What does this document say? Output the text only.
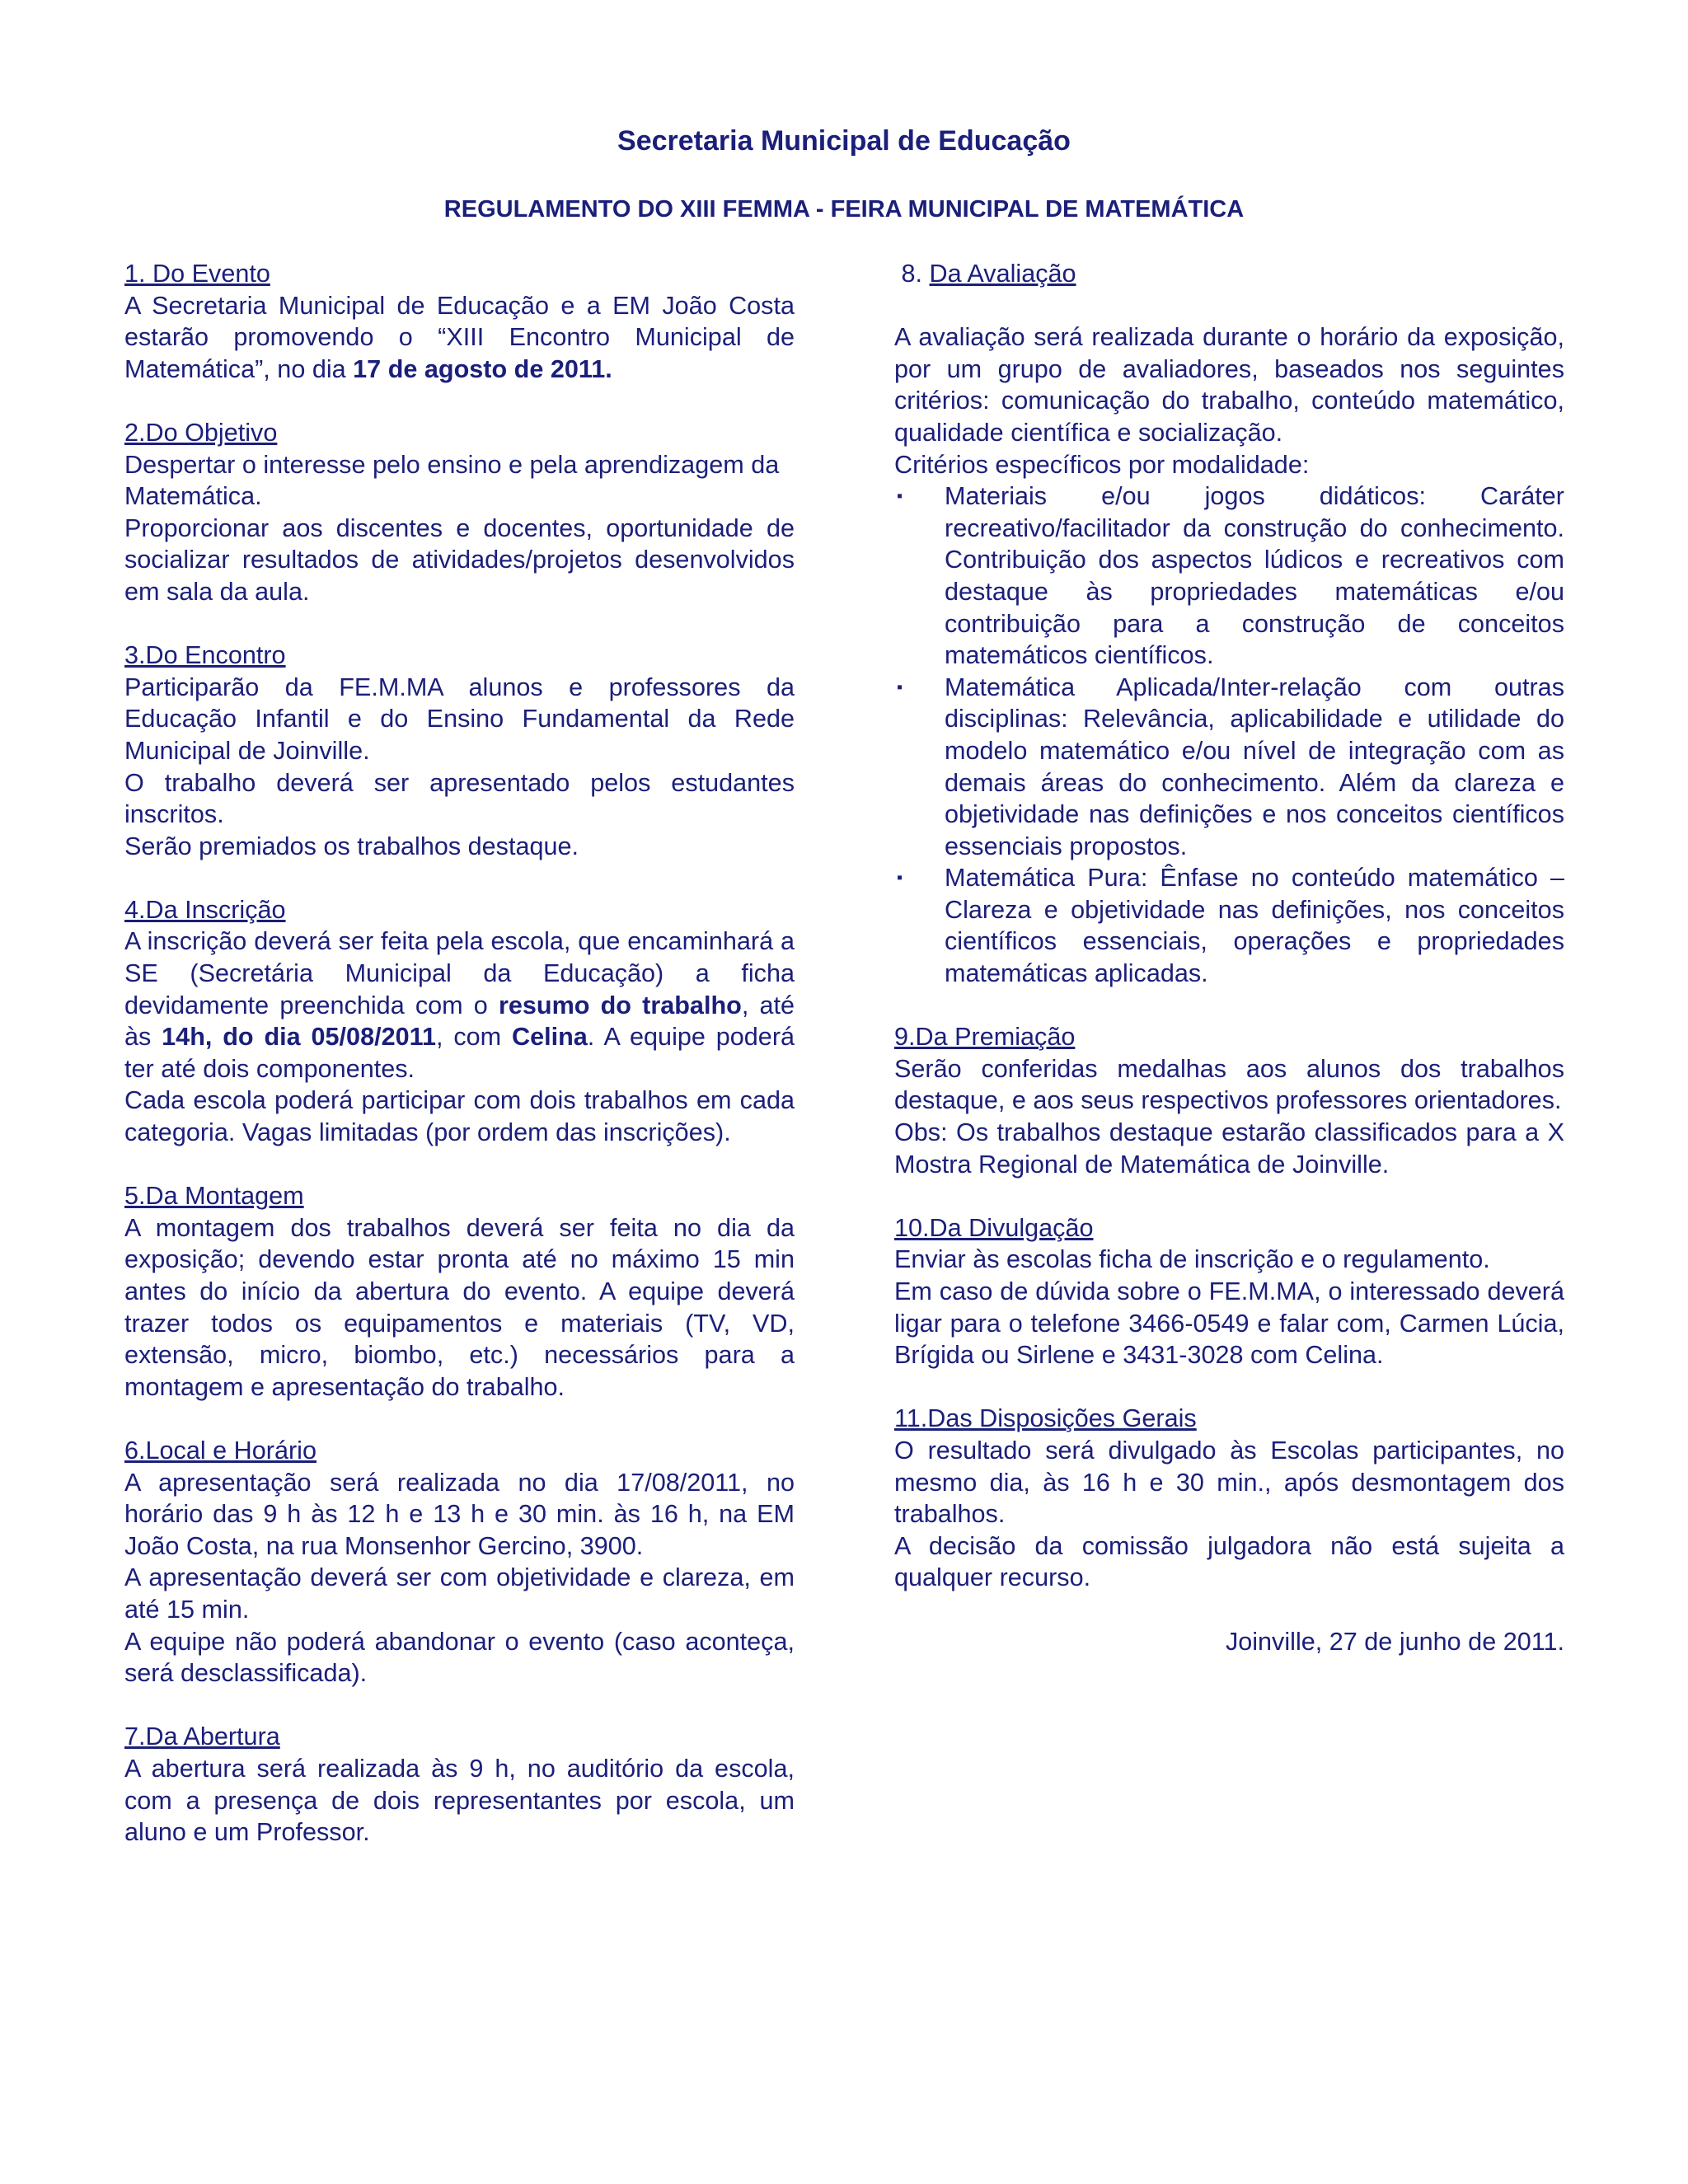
Secretaria Municipal de Educação
REGULAMENTO DO XIII FEMMA - FEIRA MUNICIPAL DE MATEMÁTICA
1. Do Evento

A Secretaria Municipal de Educação e a EM João Costa estarão promovendo o “XIII Encontro Municipal de Matemática”, no dia 17 de agosto de 2011.

2.Do Objetivo

Despertar o interesse pelo ensino e pela aprendizagem da Matemática.

Proporcionar aos discentes e docentes, oportunidade de socializar resultados de atividades/projetos desenvolvidos em sala da aula.

3.Do Encontro

Participarão da FE.M.MA alunos e professores da Educação Infantil e do Ensino Fundamental da Rede Municipal de Joinville.

O trabalho deverá ser apresentado pelos estudantes inscritos.

Serão premiados os trabalhos destaque.

4.Da Inscrição

A inscrição deverá ser feita pela escola, que encaminhará a SE (Secretária Municipal da Educação) a ficha devidamente preenchida com o resumo do trabalho, até às 14h, do dia 05/08/2011, com Celina. A equipe poderá ter até dois componentes.

Cada escola poderá participar com dois trabalhos em cada categoria. Vagas limitadas (por ordem das inscrições).

5.Da Montagem

A montagem dos trabalhos deverá ser feita no dia da exposição; devendo estar pronta até no máximo 15 min antes do início da abertura do evento. A equipe deverá trazer todos os equipamentos e materiais (TV, VD, extensão, micro, biombo, etc.) necessários para a montagem e apresentação do trabalho.

6.Local e Horário

A apresentação será realizada no dia 17/08/2011, no horário das 9 h às 12 h e 13 h e 30 min. às 16 h, na EM João Costa, na rua Monsenhor Gercino, 3900.

A apresentação deverá ser com objetividade e clareza, em até 15 min.

A equipe não poderá abandonar o evento (caso aconteça, será desclassificada).

7.Da Abertura

A abertura será realizada às 9 h, no auditório da escola, com a presença de dois representantes por escola, um aluno e um Professor.

8. Da Avaliação

A avaliação será realizada durante o horário da exposição, por um grupo de avaliadores, baseados nos seguintes critérios: comunicação do trabalho, conteúdo matemático, qualidade científica e socialização.

Critérios específicos por modalidade:

▪ Materiais e/ou jogos didáticos: Caráter recreativo/facilitador da construção do conhecimento. Contribuição dos aspectos lúdicos e recreativos com destaque às propriedades matemáticas e/ou contribuição para a construção de conceitos matemáticos científicos.
▪ Matemática Aplicada/Inter-relação com outras disciplinas: Relevância, aplicabilidade e utilidade do modelo matemático e/ou nível de integração com as demais áreas do conhecimento. Além da clareza e objetividade nas definições e nos conceitos científicos essenciais propostos.
▪ Matemática Pura: Ênfase no conteúdo matemático – Clareza e objetividade nas definições, nos conceitos científicos essenciais, operações e propriedades matemáticas aplicadas.
9.Da Premiação

Serão conferidas medalhas aos alunos dos trabalhos destaque, e aos seus respectivos professores orientadores.

Obs: Os trabalhos destaque estarão classificados para a X Mostra Regional de Matemática de Joinville.

10.Da Divulgação

Enviar às escolas ficha de inscrição e o regulamento.

Em caso de dúvida sobre o FE.M.MA, o interessado deverá ligar para o telefone 3466-0549 e falar com, Carmen Lúcia, Brígida ou Sirlene e 3431-3028 com Celina.

11.Das Disposições Gerais

O resultado será divulgado às Escolas participantes, no mesmo dia, às 16 h e 30 min., após desmontagem dos trabalhos.

A decisão da comissão julgadora não está sujeita a qualquer recurso.

Joinville, 27 de junho de 2011.
